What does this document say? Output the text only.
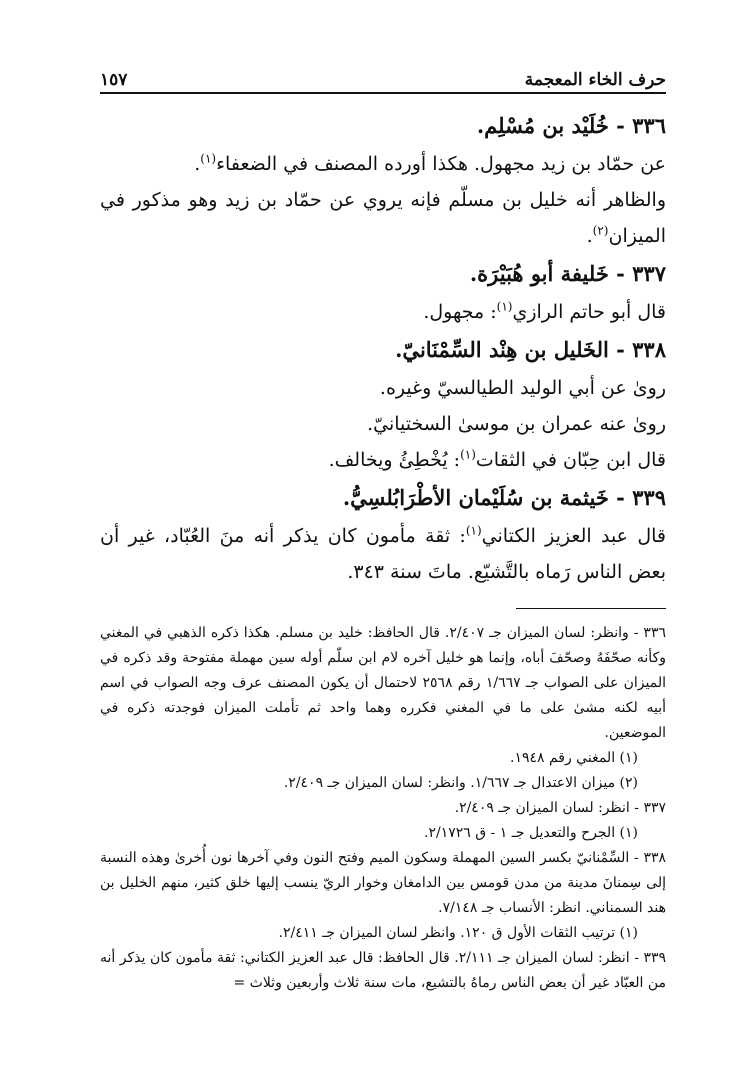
حرف الخاء المعجمة
١٥٧
٣٣٦ - خُلَيْد بن مُسْلِم.

عن حمّاد بن زيد مجهول. هكذا أورده المصنف في الضعفاء$^{(١)}$.

والظاهر أنه خليل بن مسلّم فإنه يروي عن حمّاد بن زيد وهو مذكور في الميزان$^{(٢)}$.

٣٣٧ - خَليفة أبو هُبَيْرَة.

قال أبو حاتم الرازي$^{(١)}$: مجهول.

٣٣٨ - الخَليل بن هِنْد السِّمْنَانيّ.

روىٰ عن أبي الوليد الطيالسيّ وغيره.

روىٰ عنه عمران بن موسىٰ السختيانيّ.

قال ابن حِبّان في الثقات$^{(١)}$: يُخْطِئُ ويخالف.

٣٣٩ - خَيثمة بن سُلَيْمان الأطْرَابُلسِيُّ.

قال عبد العزيز الكتاني$^{(١)}$: ثقة مأمون كان يذكر أنه منَ العُبّاد، غير أن بعض الناس رَماه بالتَّشيّع. ماتَ سنة ٣٤٣.

٣٣٦ - وانظر: لسان الميزان جـ ٢/٤٠٧. قال الحافظ: خليد بن مسلم. هكذا ذكره الذهبي في المغني وكأنه صحّفَهُ وصحّفَ أباه، وإنما هو خليل آخره لام ابن سلّم أوله سين مهملة مفتوحة وقد ذكره في الميزان على الصواب جـ ١/٦٦٧ رقم ٢٥٦٨ لاحتمال أن يكون المصنف عرف وجه الصواب في اسم أبيه لكنه مشىٰ على ما في المغني فكرره وهما واحد ثم تأملت الميزان فوجدته ذكره في الموضعين.

(١) المغني رقم ١٩٤٨.

(٢) ميزان الاعتدال جـ ١/٦٦٧. وانظر: لسان الميزان جـ ٢/٤٠٩.

٣٣٧ - انظر: لسان الميزان جـ ٢/٤٠٩.

(١) الجرح والتعديل جـ ١ - ق ٢/١٧٢٦.

٣٣٨ - السِّمْنانيّ بكسر السين المهملة وسكون الميم وفتح النون وفي آخرها نون أُخرىٰ وهذه النسبة إلى سِمنانَ مدينة من مدن قومس بين الدامغان وخوار الريّ ينسب إليها خلق كثير، منهم الخليل بن هند السمناني. انظر: الأنساب جـ ٧/١٤٨.

(١) ترتيب الثقات الأول ق ١٢٠. وانظر لسان الميزان جـ ٢/٤١١.

٣٣٩ - انظر: لسان الميزان جـ ٢/١١١. قال الحافظ: قال عبد العزيز الكتاني: ثقة مأمون كان يذكر أنه من العبّاد غير أن بعض الناس رماهُ بالتشيع، مات سنة ثلاث وأربعين وثلاث =
